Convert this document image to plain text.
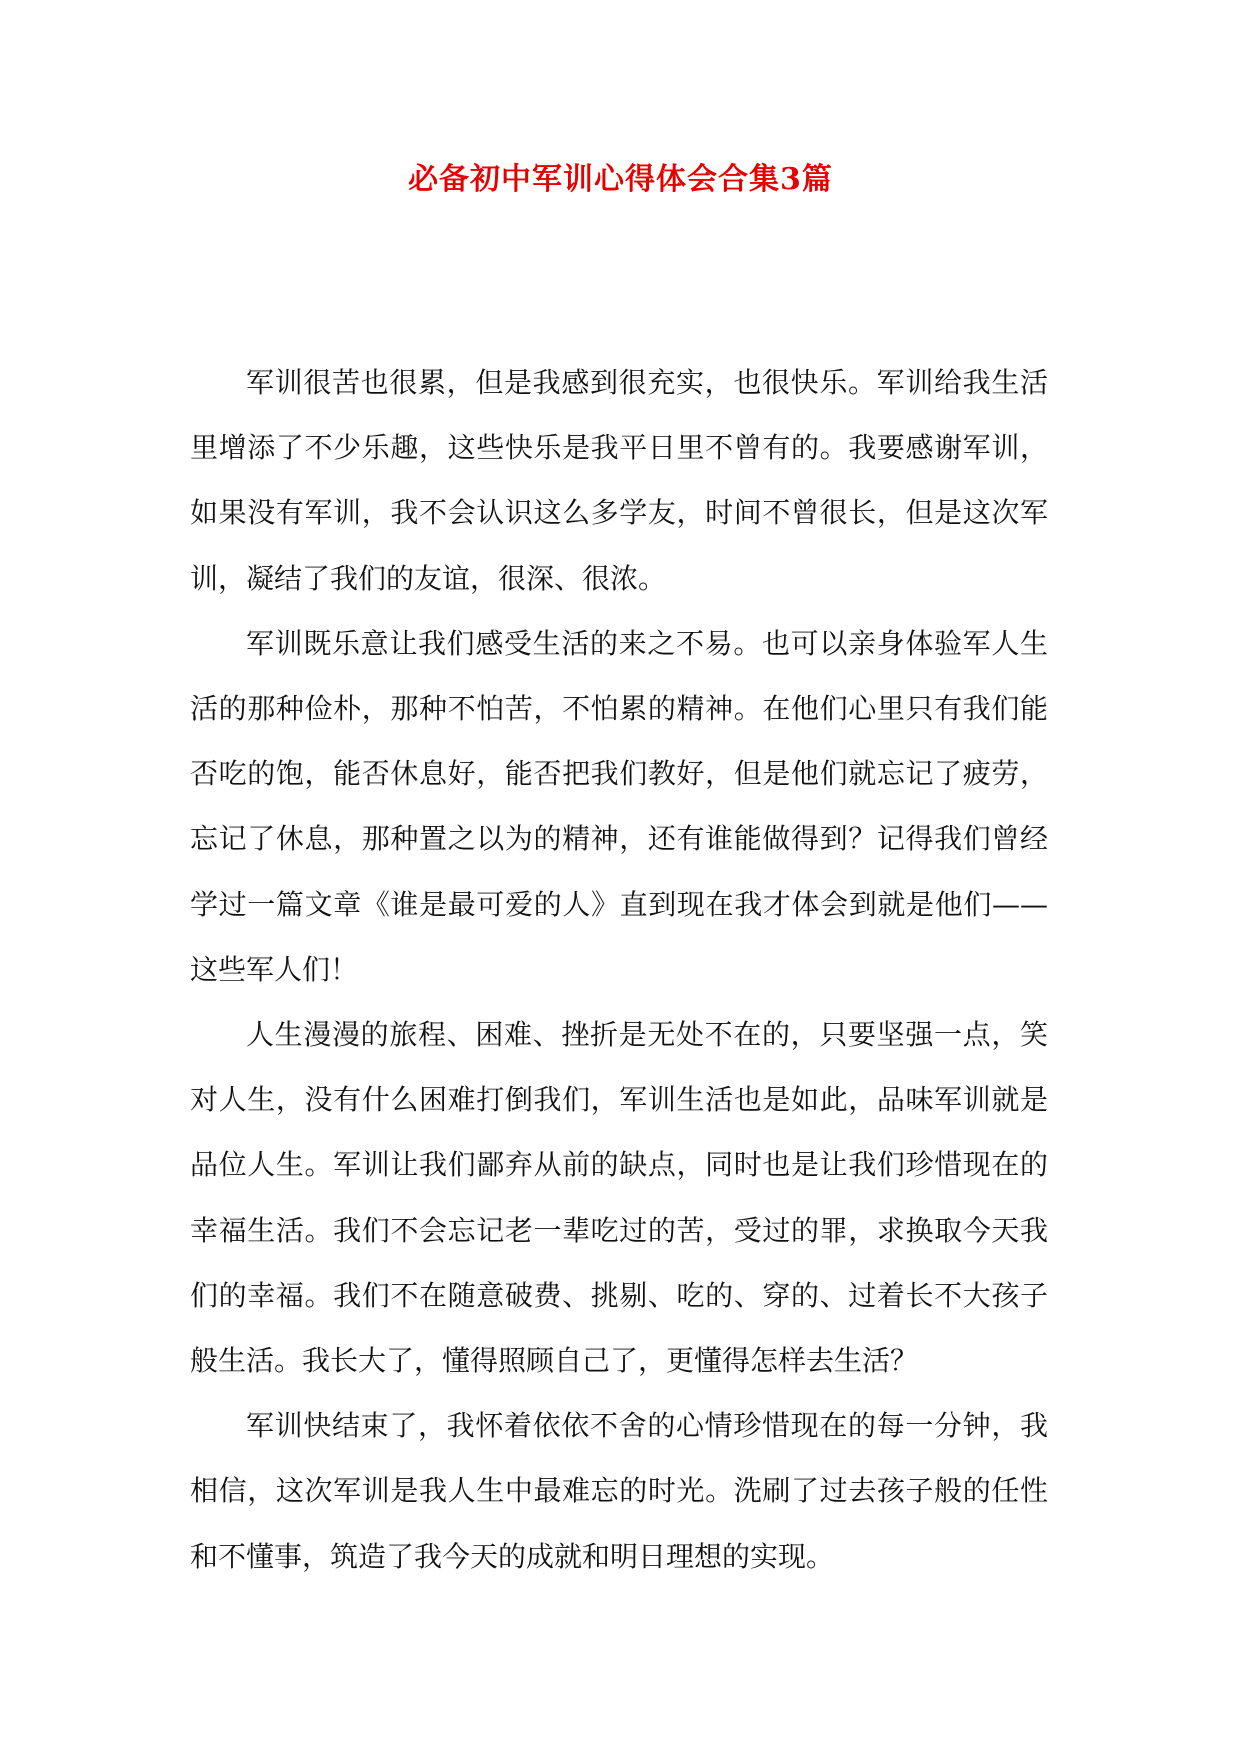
必备初中军训心得体会合集3篇

军训很苦也很累，但是我感到很充实，也很快乐。军训给我生活里增添了不少乐趣，这些快乐是我平日里不曾有的。我要感谢军训，如果没有军训，我不会认识这么多学友，时间不曾很长，但是这次军训，凝结了我们的友谊，很深、很浓。

军训既乐意让我们感受生活的来之不易。也可以亲身体验军人生活的那种俭朴，那种不怕苦，不怕累的精神。在他们心里只有我们能否吃的饱，能否休息好，能否把我们教好，但是他们就忘记了疲劳，忘记了休息，那种置之以为的精神，还有谁能做得到？记得我们曾经学过一篇文章《谁是最可爱的人》直到现在我才体会到就是他们——这些军人们！

人生漫漫的旅程、困难、挫折是无处不在的，只要坚强一点，笑对人生，没有什么困难打倒我们，军训生活也是如此，品味军训就是品位人生。军训让我们鄙弃从前的缺点，同时也是让我们珍惜现在的幸福生活。我们不会忘记老一辈吃过的苦，受过的罪，求换取今天我们的幸福。我们不在随意破费、挑剔、吃的、穿的、过着长不大孩子般生活。我长大了，懂得照顾自己了，更懂得怎样去生活？

军训快结束了，我怀着依依不舍的心情珍惜现在的每一分钟，我相信，这次军训是我人生中最难忘的时光。洗刷了过去孩子般的任性和不懂事，筑造了我今天的成就和明日理想的实现。
